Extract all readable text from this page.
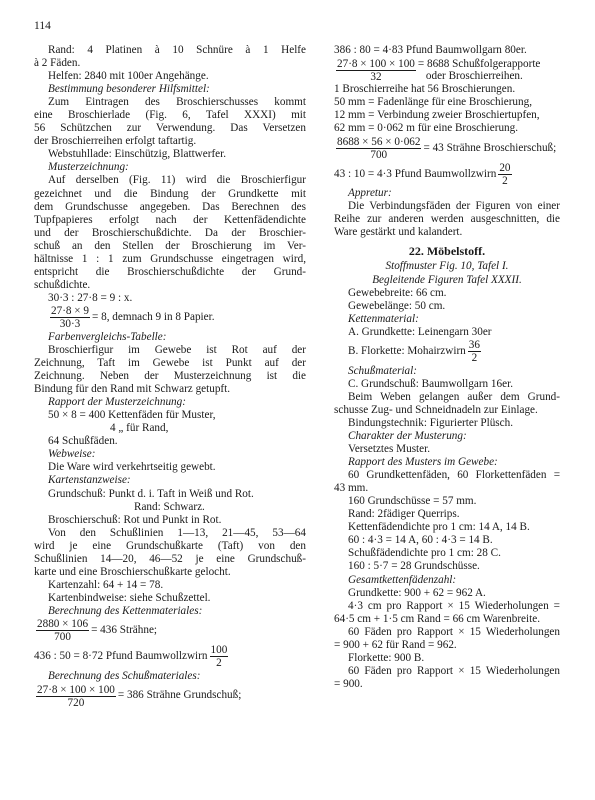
114
Rand: 4 Platinen à 10 Schnüre à 1 Helfe
à 2 Fäden.
Helfen: 2840 mit 100er Angehänge.
Bestimmung besonderer Hilfsmittel:
Zum Eintragen des Broschierschusses kommt
eine Broschierlade (Fig. 6, Tafel XXXI) mit
56 Schützchen zur Verwendung. Das Versetzen
der Broschierreihen erfolgt taftartig.
Webstuhllade: Einschützig, Blattwerfer.
Musterzeichnung:
Auf derselben (Fig. 11) wird die Broschierfigur
gezeichnet und die Bindung der Grundkette mit
dem Grundschusse angegeben. Das Berechnen des
Tupfpapieres erfolgt nach der Kettenfädendichte
und der Broschierschußdichte. Da der Broschier-
schuß an den Stellen der Broschierung im Ver-
hältnisse 1 : 1 zum Grundschusse eingetragen wird,
entspricht die Broschierschußdichte der Grund-
schußdichte.
30·3 : 27·8 = 9 : x.
$\frac{27\cdot 8 \times 9}{30\cdot 3} = 8$, demnach 9 in 8 Papier.
Farbenvergleichs-Tabelle:
Broschierfigur im Gewebe ist Rot auf der
Zeichnung, Taft im Gewebe ist Punkt auf der
Zeichnung. Neben der Musterzeichnung ist die
Bindung für den Rand mit Schwarz getupft.
Rapport der Musterzeichnung:
50 × 8 = 400 Kettenfäden für Muster,
4 „ für Rand,
64 Schußfäden.
Webweise:
Die Ware wird verkehrtseitig gewebt.
Kartenstanzweise:
Grundschuß: Punkt d. i. Taft in Weiß und Rot.
Rand: Schwarz.
Broschierschuß: Rot und Punkt in Rot.
Von den Schußlinien 1—13, 21—45, 53—64
wird je eine Grundschußkarte (Taft) von den
Schußlinien 14—20, 46—52 je eine Grundschuß-
karte und eine Broschierschußkarte gelocht.
Kartenzahl: 64 + 14 = 78.
Kartenbindweise: siehe Schußzettel.
Berechnung des Kettenmateriales:
$\frac{2880 \times 106}{700} = 436$ Strähne;
436 : 50 = 8·72 Pfund Baumwollzwirn $\frac{100}{2}$
Berechnung des Schußmateriales:
$\frac{27\cdot 8 \times 100 \times 100}{720} = 386$ Strähne Grundschuß;
386 : 80 = 4·83 Pfund Baumwollgarn 80er.
$\frac{27\cdot 8 \times 100 \times 100}{32} = 8688$ Schußfolgerapporte
oder Broschierreihen.
1 Broschierreihe hat 56 Broschierungen.
50 mm = Fadenlänge für eine Broschierung,
12 mm = Verbindung zweier Broschiertupfen,
62 mm = 0·062 m für eine Broschierung.
$\frac{8688 \times 56 \times 0\cdot 062}{700} = 43$ Strähne Broschierschuß;
43 : 10 = 4·3 Pfund Baumwollzwirn $\frac{20}{2}$
Appretur:
Die Verbindungsfäden der Figuren von einer
Reihe zur anderen werden ausgeschnitten, die
Ware gestärkt und kalandert.
22. Möbelstoff.
Stoffmuster Fig. 10, Tafel I.
Begleitende Figuren Tafel XXXII.
Gewebebreite: 66 cm.
Gewebelänge: 50 cm.
Kettenmaterial:
A. Grundkette: Leinengarn 30er
B. Florkette: Mohairzwirn $\frac{36}{2}$
Schußmaterial:
C. Grundschuß: Baumwollgarn 16er.
Beim Weben gelangen außer dem Grund-
schusse Zug- und Schneidnadeln zur Einlage.
Bindungstechnik: Figurierter Plüsch.
Charakter der Musterung:
Versetztes Muster.
Rapport des Musters im Gewebe:
60 Grundkettenfäden, 60 Florkettenfäden =
43 mm.
160 Grundschüsse = 57 mm.
Rand: 2fädiger Querrips.
Kettenfädendichte pro 1 cm: 14 A, 14 B.
60 : 4·3 = 14 A, 60 : 4·3 = 14 B.
Schußfädendichte pro 1 cm: 28 C.
160 : 5·7 = 28 Grundschüsse.
Gesamtkettenfädenzahl:
Grundkette: 900 + 62 = 962 A.
4·3 cm pro Rapport × 15 Wiederholungen =
64·5 cm + 1·5 cm Rand = 66 cm Warenbreite.
60 Fäden pro Rapport × 15 Wiederholungen
= 900 + 62 für Rand = 962.
Florkette: 900 B.
60 Fäden pro Rapport × 15 Wiederholungen
= 900.
